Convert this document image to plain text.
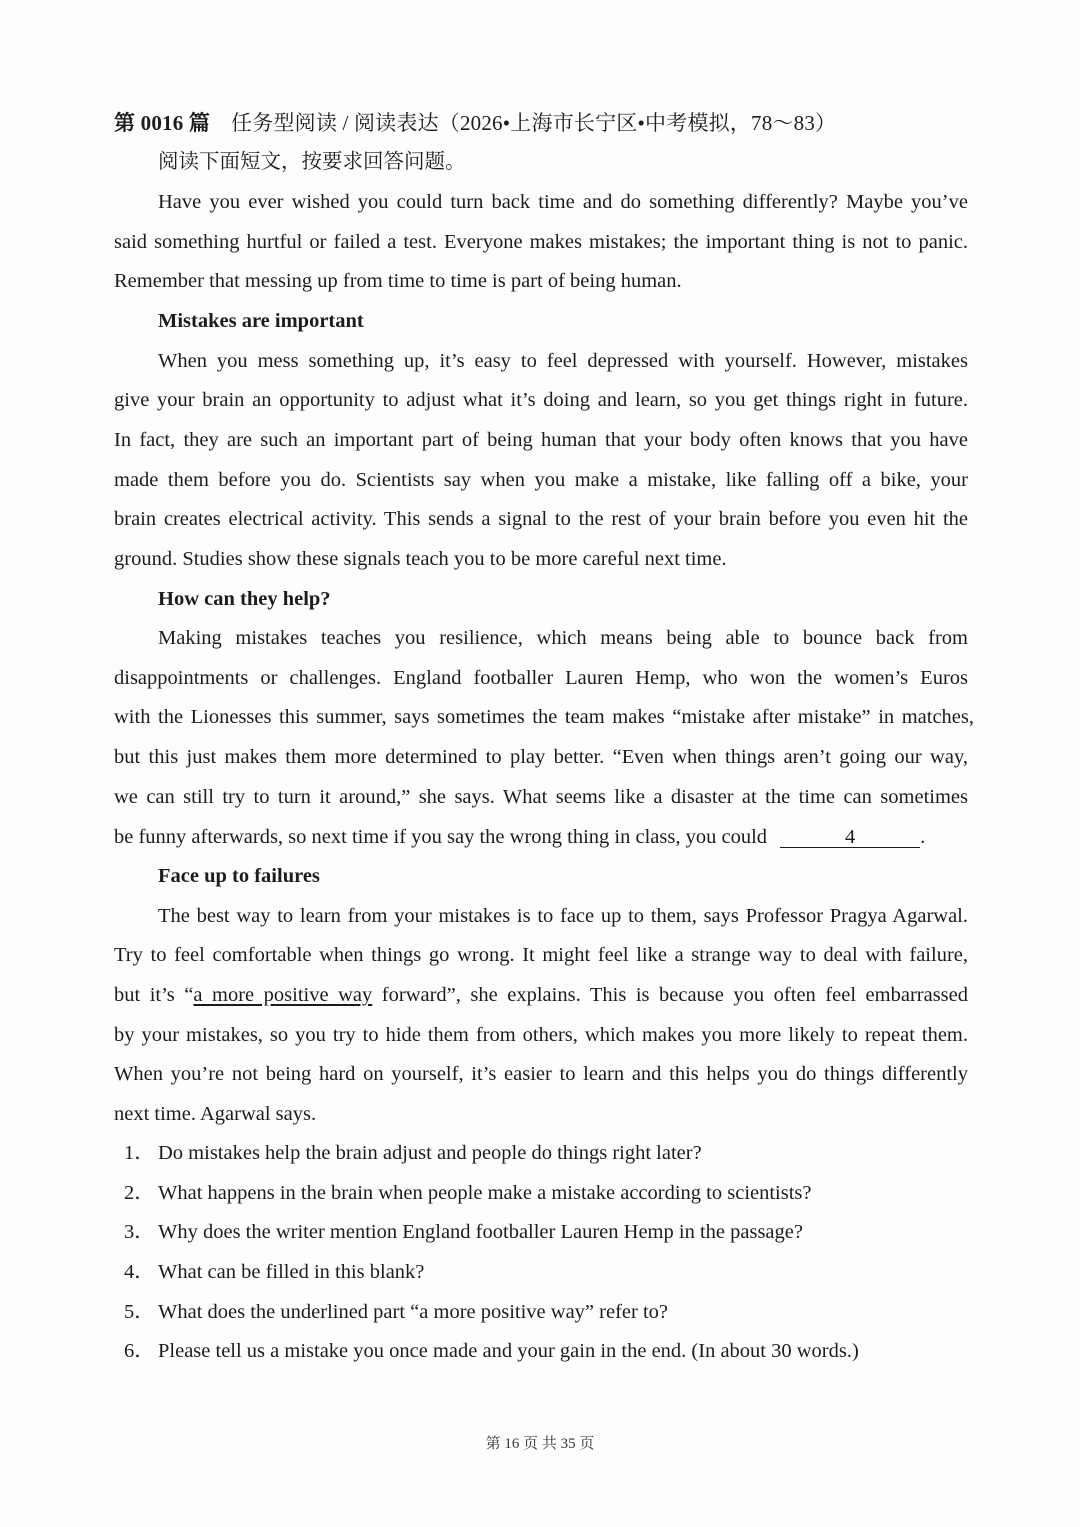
第 0016 篇 任务型阅读 / 阅读表达（2026•上海市长宁区•中考模拟，78～83）
阅读下面短文，按要求回答问题。
Have you ever wished you could turn back time and do something differently? Maybe you’ve
said something hurtful or failed a test. Everyone makes mistakes; the important thing is not to panic.
Remember that messing up from time to time is part of being human.
Mistakes are important
When you mess something up, it’s easy to feel depressed with yourself. However, mistakes
give your brain an opportunity to adjust what it’s doing and learn, so you get things right in future.
In fact, they are such an important part of being human that your body often knows that you have
made them before you do. Scientists say when you make a mistake, like falling off a bike, your
brain creates electrical activity. This sends a signal to the rest of your brain before you even hit the
ground. Studies show these signals teach you to be more careful next time.
How can they help?
Making mistakes teaches you resilience, which means being able to bounce back from
disappointments or challenges. England footballer Lauren Hemp, who won the women’s Euros
with the Lionesses this summer, says sometimes the team makes “mistake after mistake” in matches,
but this just makes them more determined to play better. “Even when things aren’t going our way,
we can still try to turn it around,” she says. What seems like a disaster at the time can sometimes
be funny afterwards, so next time if you say the wrong thing in class, you could	4	.
Face up to failures
The best way to learn from your mistakes is to face up to them, says Professor Pragya Agarwal.
Try to feel comfortable when things go wrong. It might feel like a strange way to deal with failure,
but it’s “a more positive way forward”, she explains. This is because you often feel embarrassed
by your mistakes, so you try to hide them from others, which makes you more likely to repeat them.
When you’re not being hard on yourself, it’s easier to learn and this helps you do things differently
next time. Agarwal says.
1． Do mistakes help the brain adjust and people do things right later?
2． What happens in the brain when people make a mistake according to scientists?
3． Why does the writer mention England footballer Lauren Hemp in the passage?
4． What can be filled in this blank?
5． What does the underlined part “a more positive way” refer to?
6． Please tell us a mistake you once made and your gain in the end. (In about 30 words.)
第 16 页 共 35 页
